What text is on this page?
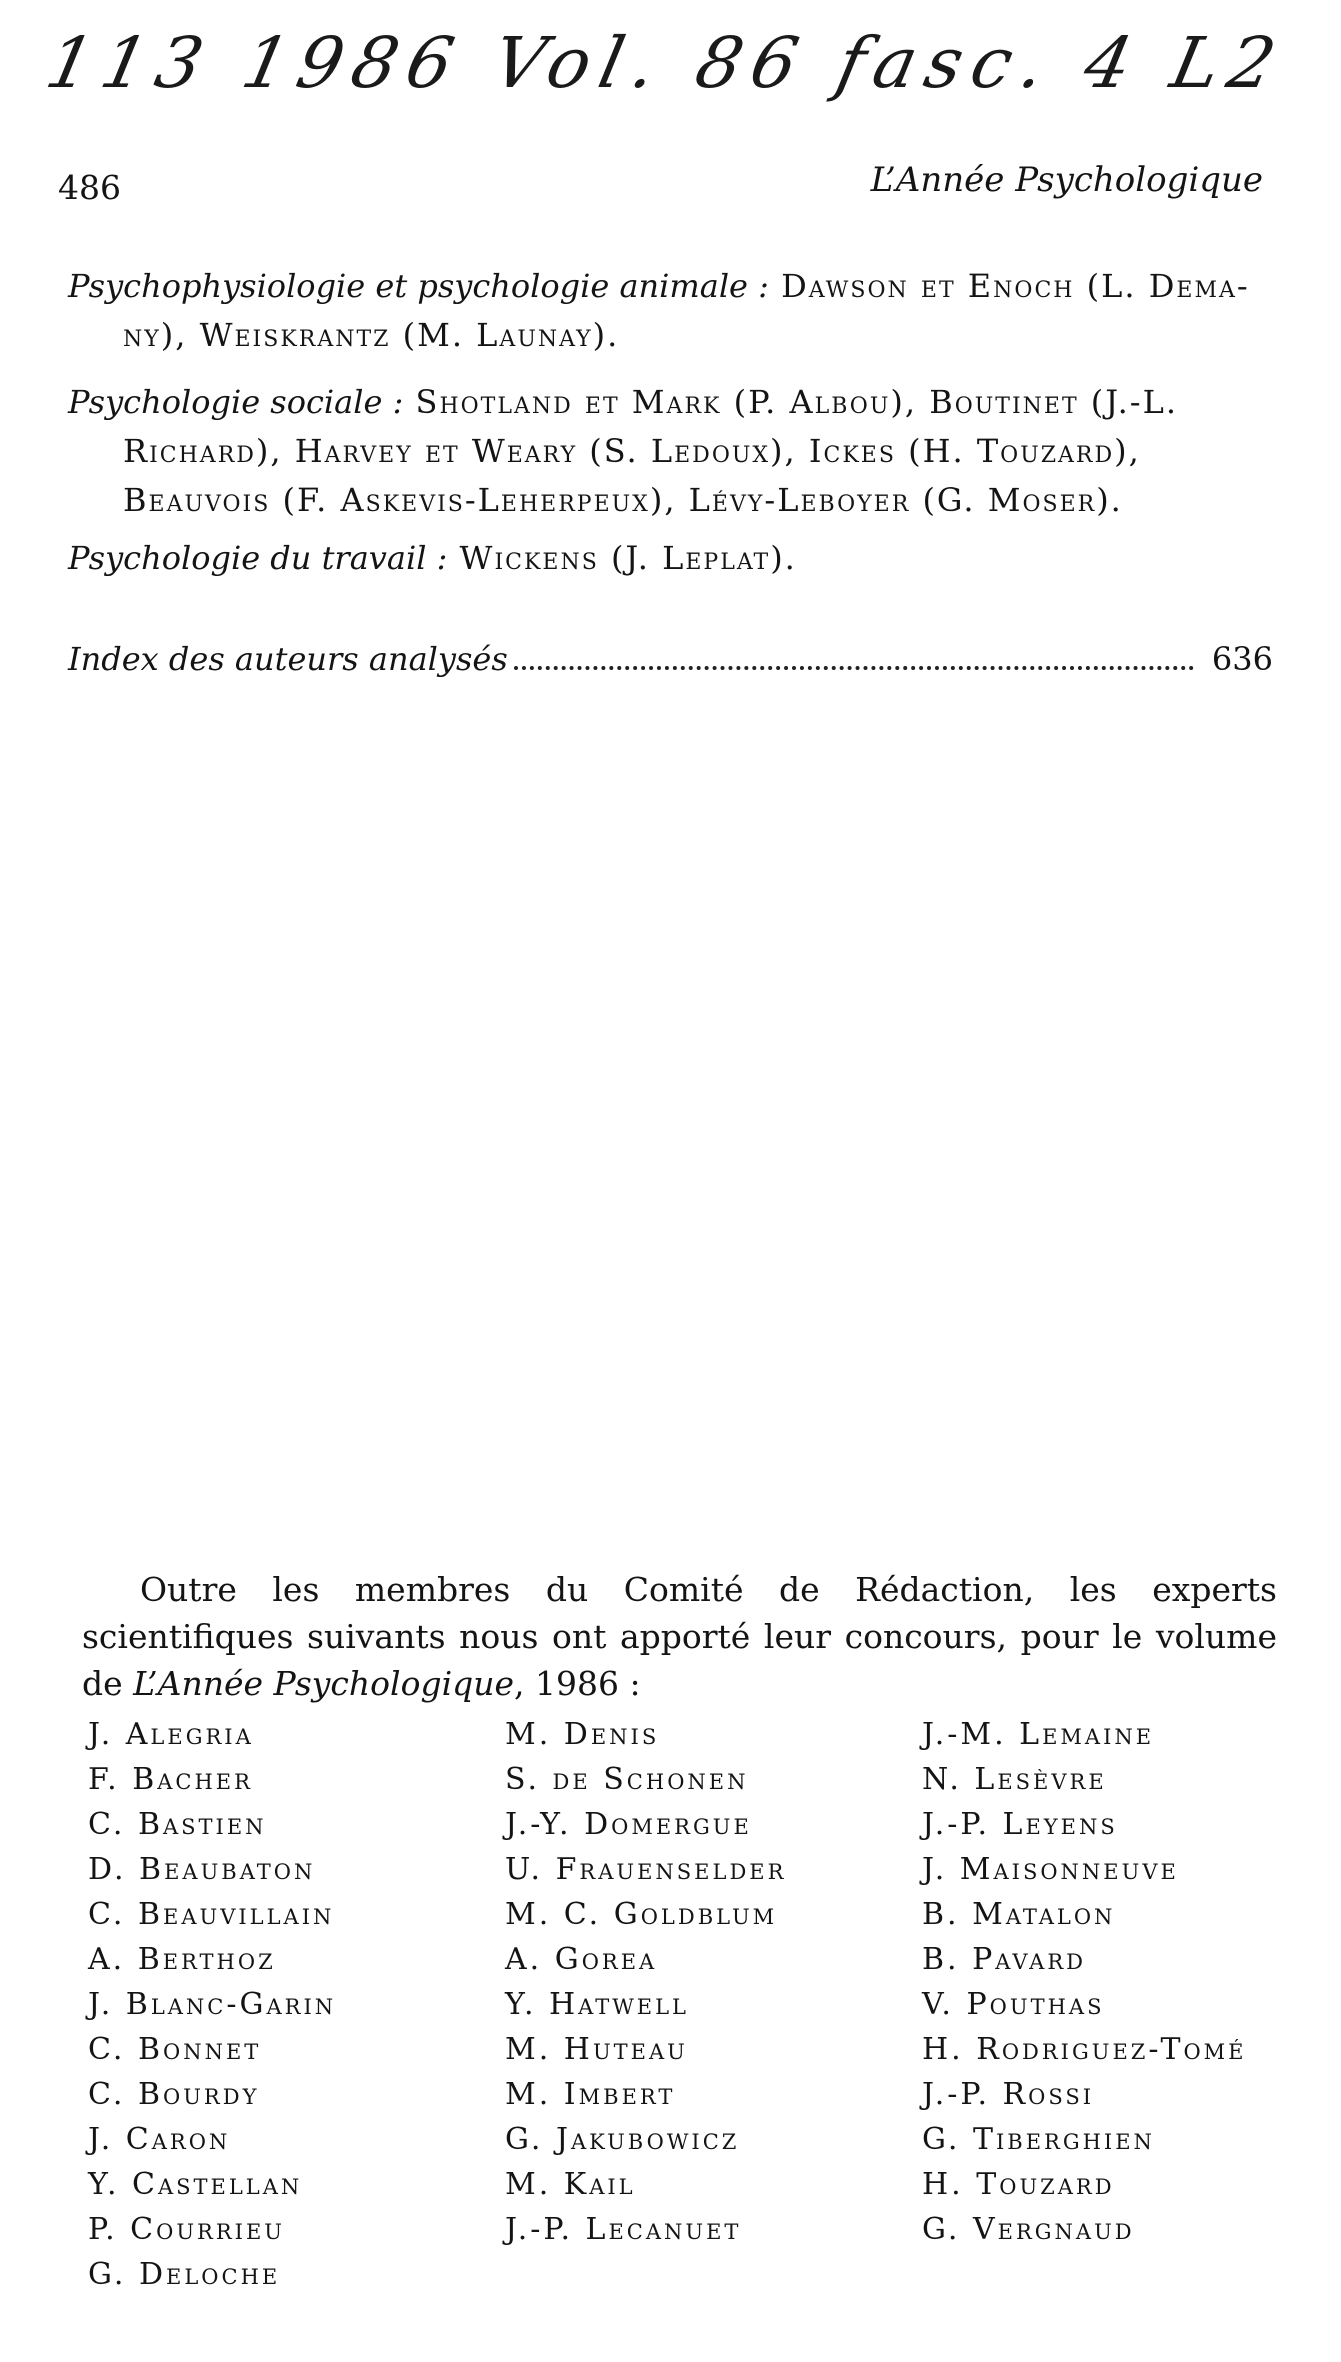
113 1986 Vol. 86 fasc. 4 L2
486	L’Année Psychologique
Psychophysiologie et psychologie animale : Dawson et Enoch (L. Dema-
ny), Weiskrantz (M. Launay).
Psychologie sociale : Shotland et Mark (P. Albou), Boutinet (J.-L.
Richard), Harvey et Weary (S. Ledoux), Ickes (H. Touzard),
Beauvois (F. Askevis-Leherpeux), Lévy-Leboyer (G. Moser).
Psychologie du travail : Wickens (J. Leplat).
Index des auteurs analysés	636
Outre les membres du Comité de Rédaction, les experts scientifiques suivants nous ont apporté leur concours, pour le volume de L’Année Psychologique, 1986 :
J. Alegria
F. Bacher
C. Bastien
D. Beaubaton
C. Beauvillain
A. Berthoz
J. Blanc-Garin
C. Bonnet
C. Bourdy
J. Caron
Y. Castellan
P. Courrieu
G. Deloche
M. Denis
S. de Schonen
J.-Y. Domergue
U. Frauenselder
M. C. Goldblum
A. Gorea
Y. Hatwell
M. Huteau
M. Imbert
G. Jakubowicz
M. Kail
J.-P. Lecanuet
J.-M. Lemaine
N. Lesèvre
J.-P. Leyens
J. Maisonneuve
B. Matalon
B. Pavard
V. Pouthas
H. Rodriguez-Tomé
J.-P. Rossi
G. Tiberghien
H. Touzard
G. Vergnaud
